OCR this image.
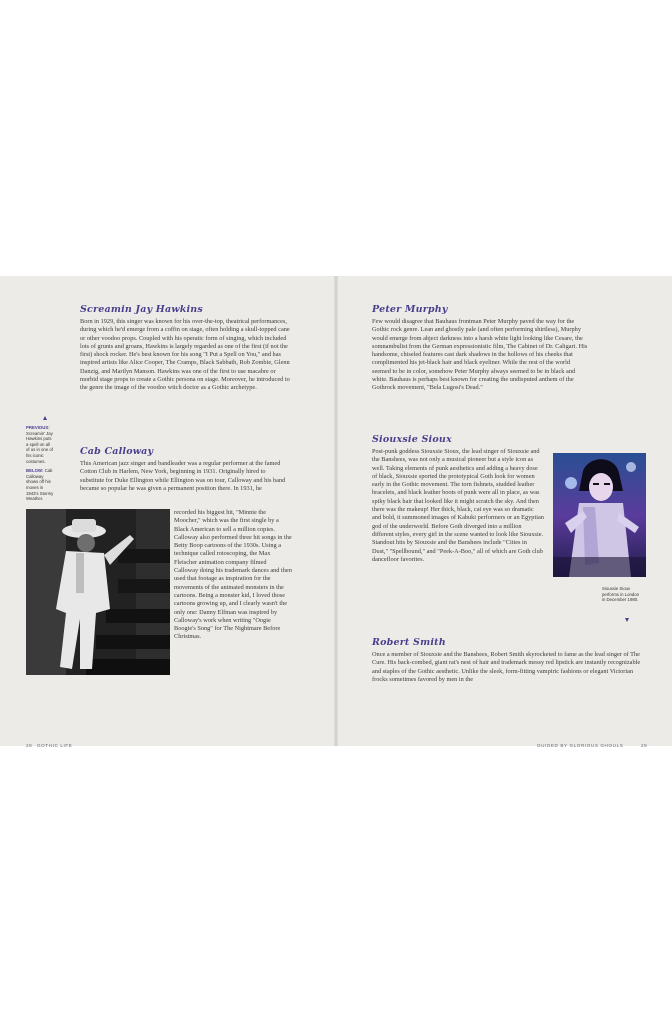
Screamin Jay Hawkins

Born in 1929, this singer was known for his over-the-top, theatrical performances, during which he'd emerge from a coffin on stage, often holding a skull-topped cane or other voodoo props. Coupled with his operatic form of singing, which included lots of grunts and groans, Hawkins is largely regarded as one of the first (if not the first) shock rocker. He's best known for his song "I Put a Spell on You," and has inspired artists like Alice Cooper, The Cramps, Black Sabbath, Rob Zombie, Glenn Danzig, and Marilyn Manson. Hawkins was one of the first to use macabre or morbid stage props to create a Gothic persona on stage. Moreover, he introduced to the genre the image of the voodoo witch doctor as a Gothic archetype.

PREVIOUS: Screamin' Jay Hawkins puts a spell on all of us in one of his iconic costumes.
BELOW: Cab Calloway shows off his moves in 1943's Stormy Weather.
Cab Calloway

This American jazz singer and bandleader was a regular performer at the famed Cotton Club in Harlem, New York, beginning in 1931. Originally hired to substitute for Duke Ellington while Ellington was on tour, Calloway and his band became so popular he was given a permanent position there. In 1931, he

recorded his biggest hit, "Minnie the Moocher," which was the first single by a Black American to sell a million copies. Calloway also performed three hit songs in the Betty Boop cartoons of the 1930s. Using a technique called rotoscoping, the Max Fleischer animation company filmed Calloway doing his trademark dances and then used that footage as inspiration for the movements of the animated monsters in the cartoons. Being a monster kid, I loved those cartoons growing up, and I clearly wasn't the only one: Danny Elfman was inspired by Calloway's work when writing "Oogie Boogie's Song" for The Nightmare Before Christmas.

28 GOTHIC LIFE
Peter Murphy

Few would disagree that Bauhaus frontman Peter Murphy paved the way for the Gothic rock genre. Lean and ghostly pale (and often performing shirtless), Murphy would emerge from abject darkness into a harsh white light looking like Cesare, the somnambulist from the German expressionistic film, The Cabinet of Dr. Caligari. His handsome, chiseled features cast dark shadows in the hollows of his cheeks that complimented his jet-black hair and black eyeliner. While the rest of the world seemed to be in color, somehow Peter Murphy always seemed to be in black and white. Bauhaus is perhaps best known for creating the undisputed anthem of the Gothrock movement, "Bela Lugosi's Dead."

Siouxsie Sioux

Post-punk goddess Siouxsie Sioux, the lead singer of Siouxsie and the Banshees, was not only a musical pioneer but a style icon as well. Taking elements of punk aesthetics and adding a heavy dose of black, Siouxsie sported the prototypical Goth look for women early in the Gothic movement. The torn fishnets, studded leather bracelets, and black leather boots of punk were all in place, as was spiky black hair that looked like it might scratch the sky. And then there was the makeup! Her thick, black, cat eye was so dramatic and bold, it summoned images of Kabuki performers or an Egyptian god of the underworld. Before Goth diverged into a million different styles, every girl in the scene wanted to look like Siouxsie. Standout hits by Siouxsie and the Banshees include "Cities in Dust," "Spellbound," and "Peek-A-Boo," all of which are Goth club dancefloor favorites.

Siouxsie Sioux performs in London in December 1980.
Robert Smith

Once a member of Siouxsie and the Banshees, Robert Smith skyrocketed to fame as the lead singer of The Cure. His back-combed, giant rat's nest of hair and trademark messy red lipstick are instantly recognizable and staples of the Gothic aesthetic. Unlike the sleek, form-fitting vampiric fashions or elegant Victorian frocks sometimes favored by men in the

GUIDED BY GLORIOUS GHOULS	29
